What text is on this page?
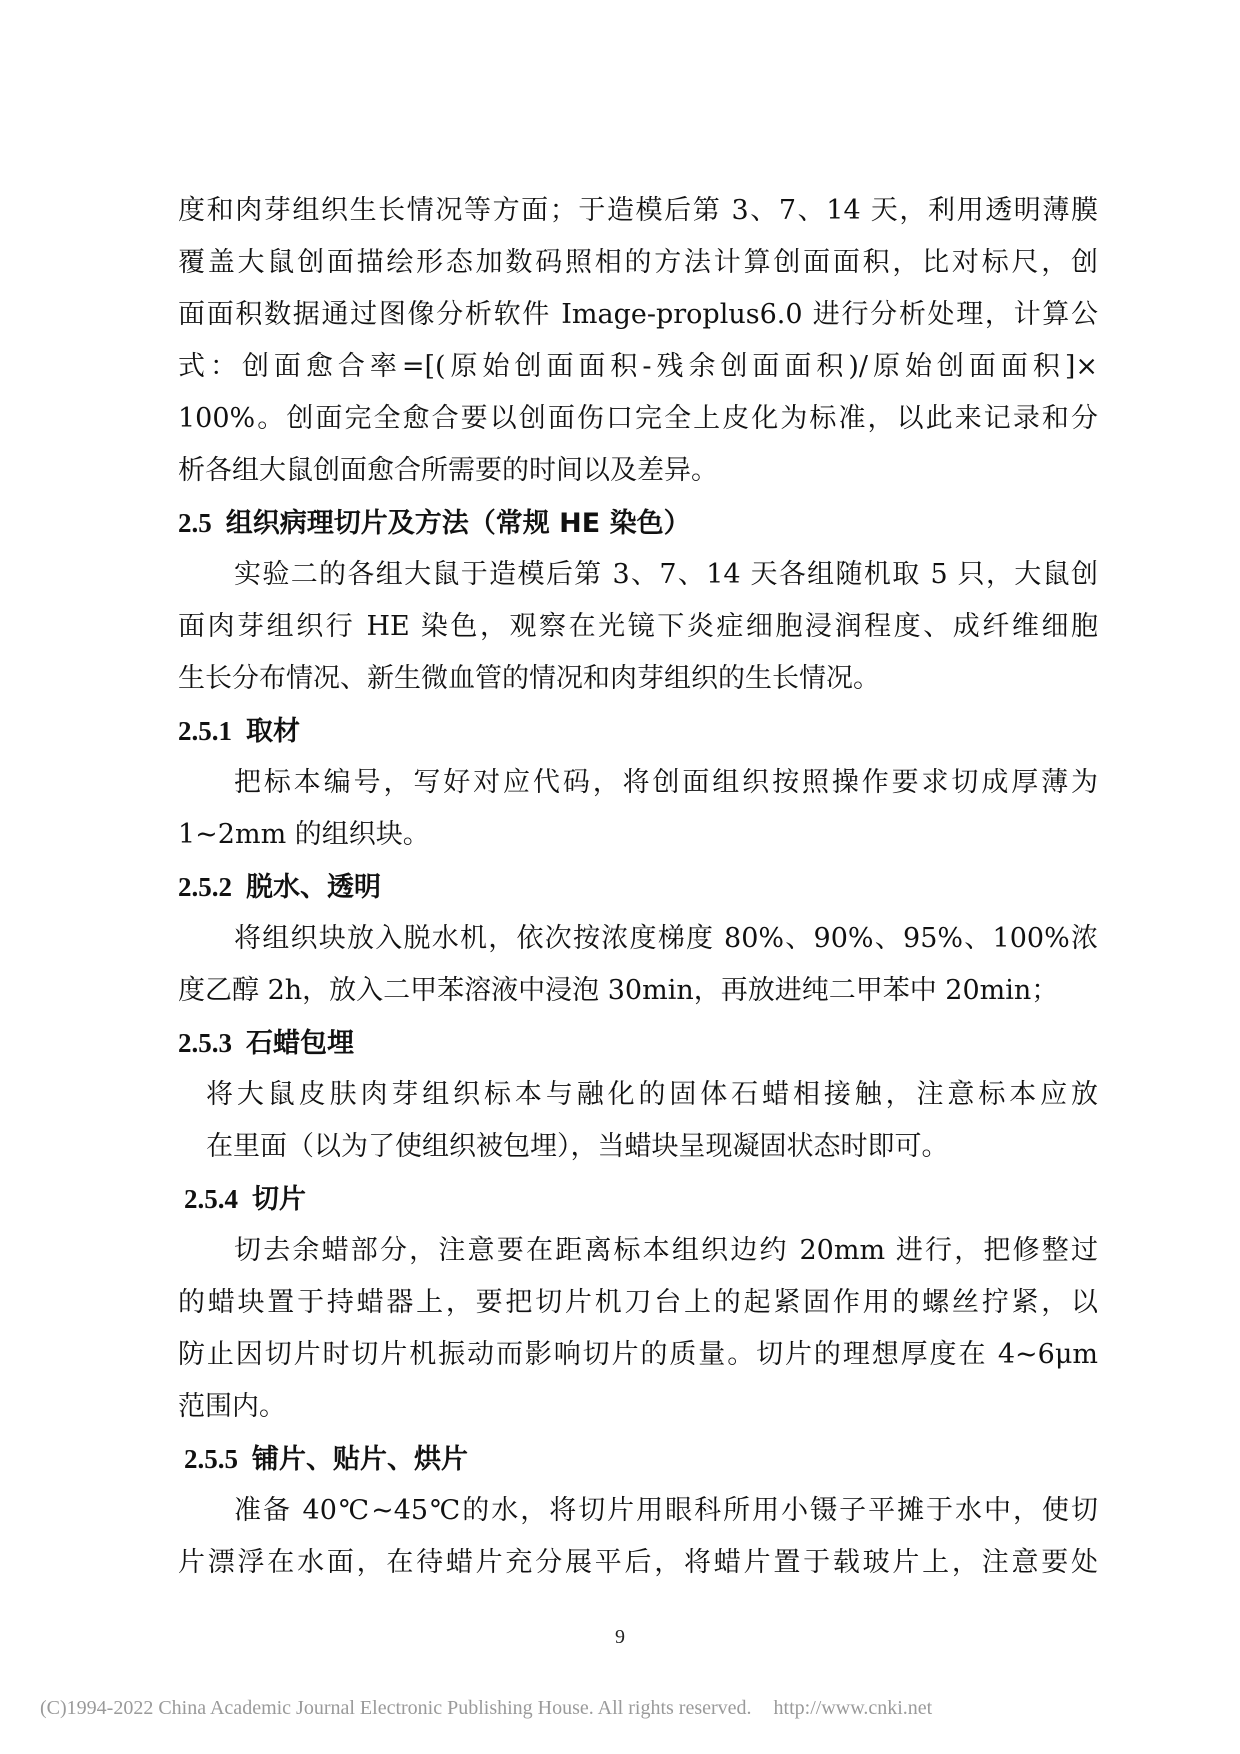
度和肉芽组织生长情况等方面；于造模后第 3、7、14 天，利用透明薄膜
覆盖大鼠创面描绘形态加数码照相的方法计算创面面积，比对标尺，创
面面积数据通过图像分析软件 Image-proplus6.0 进行分析处理，计算公
式：创面愈合率=[(原始创面面积-残余创面面积)/原始创面面积]×
100%。创面完全愈合要以创面伤口完全上皮化为标准，以此来记录和分
析各组大鼠创面愈合所需要的时间以及差异。
2.5 组织病理切片及方法（常规 HE 染色）
实验二的各组大鼠于造模后第 3、7、14 天各组随机取 5 只，大鼠创
面肉芽组织行 HE 染色，观察在光镜下炎症细胞浸润程度、成纤维细胞
生长分布情况、新生微血管的情况和肉芽组织的生长情况。
2.5.1 取材
把标本编号，写好对应代码，将创面组织按照操作要求切成厚薄为
1~2mm 的组织块。
2.5.2 脱水、透明
将组织块放入脱水机，依次按浓度梯度 80%、90%、95%、100%浓
度乙醇 2h，放入二甲苯溶液中浸泡 30min，再放进纯二甲苯中 20min；
2.5.3 石蜡包埋
将大鼠皮肤肉芽组织标本与融化的固体石蜡相接触，注意标本应放
在里面（以为了使组织被包埋），当蜡块呈现凝固状态时即可。
2.5.4 切片
切去余蜡部分，注意要在距离标本组织边约 20mm 进行，把修整过
的蜡块置于持蜡器上，要把切片机刀台上的起紧固作用的螺丝拧紧，以
防止因切片时切片机振动而影响切片的质量。切片的理想厚度在 4~6μm
范围内。
2.5.5 铺片、贴片、烘片
准备 40℃~45℃的水，将切片用眼科所用小镊子平摊于水中，使切
片漂浮在水面，在待蜡片充分展平后，将蜡片置于载玻片上，注意要处
9
(C)1994-2022 China Academic Journal Electronic Publishing House. All rights reserved. http://www.cnki.net
